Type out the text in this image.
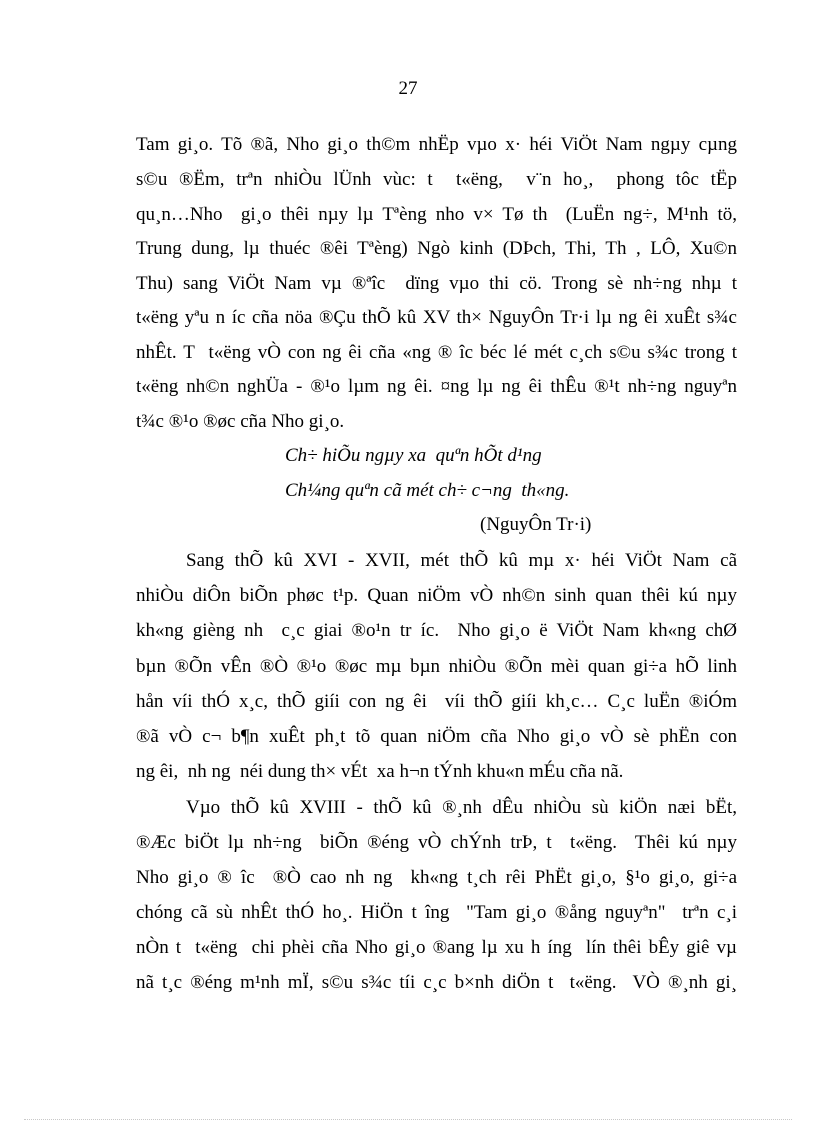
27
Tam gi¸o. Tõ ®ã, Nho gi¸o th©m nhËp vµo x· héi ViÖt Nam ngµy cµng
s©u ®Ëm, trªn nhiÒu lÜnh vùc: t  t«ëng,  v¨n ho¸,  phong tôc tËp
qu¸n…Nho  gi¸o thêi nµy lµ Tªèng nho v× Tø th  (LuËn ng÷, M¹nh tö,
Trung dung, lµ thuéc ®êi Tªèng) Ngò kinh (DÞch, Thi, Th , LÔ, Xu©n
Thu) sang ViÖt Nam vµ ®ªîc  dïng vµo thi cö. Trong sè nh÷ng nhµ t
t«ëng yªu n íc cña nöa ®Çu thÕ kû XV th× NguyÔn Tr·i lµ ng êi xuÊt s¾c
nhÊt. T  t«ëng vÒ con ng êi cña «ng ® îc béc lé mét c¸ch s©u s¾c trong t
t«ëng nh©n nghÜa - ®¹o lµm ng êi. ¤ng lµ ng êi thÊu ®¹t nh÷ng nguyªn
t¾c ®¹o ®øc cña Nho gi¸o.
Ch÷ hiÕu ngµy xa  quªn hÕt d¹ng
Ch¼ng quªn cã mét ch÷ c¬ng  th«ng.
(NguyÔn Tr·i)
Sang thÕ kû XVI - XVII, mét thÕ kû mµ x· héi ViÖt Nam cã
nhiÒu diÔn biÕn phøc t¹p. Quan niÖm vÒ nh©n sinh quan thêi kú nµy
kh«ng gièng nh  c¸c giai ®o¹n tr íc.  Nho gi¸o ë ViÖt Nam kh«ng chØ
bµn ®Õn vÊn ®Ò ®¹o ®øc mµ bµn nhiÒu ®Õn mèi quan gi÷a hÕ linh
hån víi thÓ x¸c, thÕ giíi con ng êi  víi thÕ giíi kh¸c… C¸c luËn ®iÓm
®ã vÒ c¬ b¶n xuÊt ph¸t tõ quan niÖm cña Nho gi¸o vÒ sè phËn con
ng êi,  nh ng  néi dung th× vÉt  xa h¬n tÝnh khu«n mÉu cña nã.
Vµo thÕ kû XVIII - thÕ kû ®¸nh dÊu nhiÒu sù kiÖn næi bËt,
®Æc biÖt lµ nh÷ng  biÕn ®éng vÒ chÝnh trÞ, t  t«ëng.  Thêi kú nµy
Nho gi¸o ® îc  ®Ò cao nh ng  kh«ng t¸ch rêi PhËt gi¸o, §¹o gi¸o, gi÷a
chóng cã sù nhÊt thÓ ho¸. HiÖn t îng  "Tam gi¸o ®ång nguyªn"  trªn c¸i
nÒn t  t«ëng  chi phèi cña Nho gi¸o ®ang lµ xu h íng  lín thêi bÊy giê vµ
nã t¸c ®éng m¹nh mÏ, s©u s¾c tíi c¸c b×nh diÖn t  t«ëng.  VÒ ®¸nh gi¸
